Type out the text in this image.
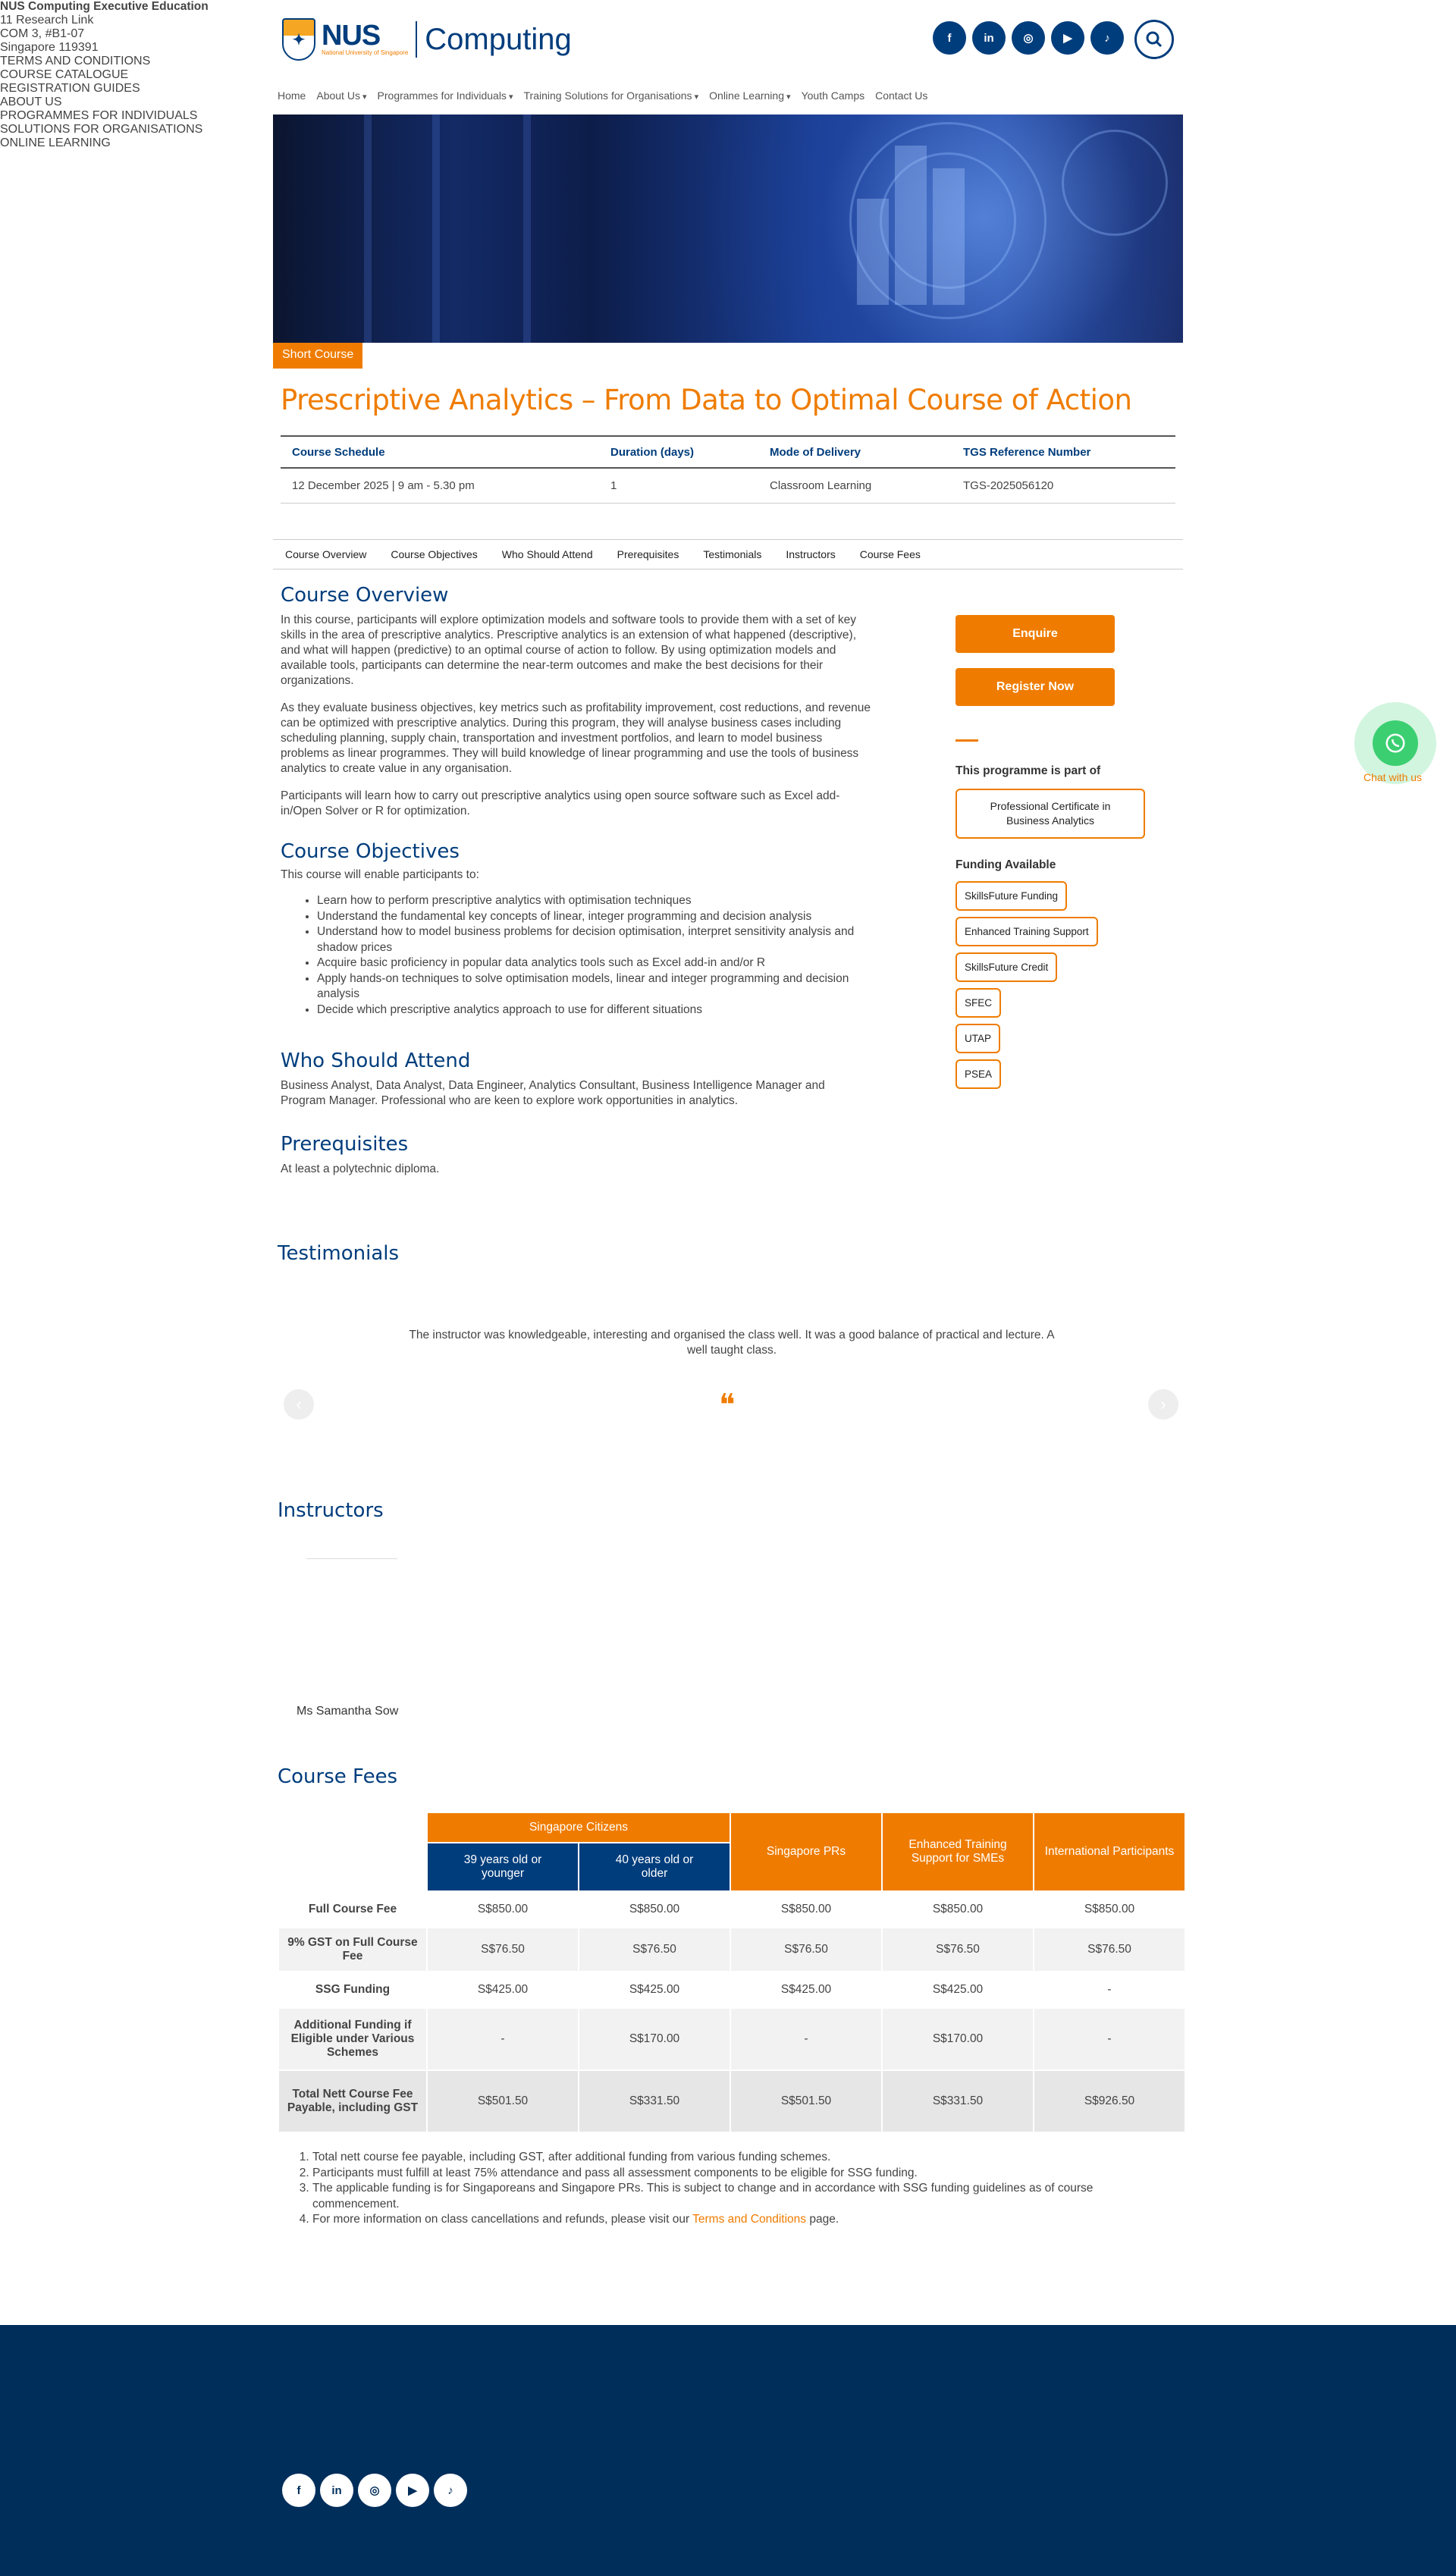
✦ NUS
National University of Singapore Computing	f	in	◎	▶	♪
Home About Us ▾	Programmes for Individuals ▾	Training Solutions for Organisations ▾	Online Learning ▾	Youth Camps Contact Us
Short Course
Prescriptive Analytics – From Data to Optimal Course of Action
Course Schedule	Duration (days)	Mode of Delivery	TGS Reference Number
12 December 2025 | 9 am - 5.30 pm	1	Classroom Learning	TGS-2025056120
Course Overview	Course Objectives	Who Should Attend	Prerequisites	Testimonials	Instructors	Course Fees
Course Overview

In this course, participants will explore optimization models and software tools to provide them with a set of key skills in the area of prescriptive analytics. Prescriptive analytics is an extension of what happened (descriptive), and what will happen (predictive) to an optimal course of action to follow. By using optimization models and available tools, participants can determine the near-term outcomes and make the best decisions for their organizations.

As they evaluate business objectives, key metrics such as profitability improvement, cost reductions, and revenue can be optimized with prescriptive analytics. During this program, they will analyse business cases including scheduling planning, supply chain, transportation and investment portfolios, and learn to model business problems as linear programmes. They will build knowledge of linear programming and use the tools of business analytics to create value in any organisation.

Participants will learn how to carry out prescriptive analytics using open source software such as Excel add-in/Open Solver or R for optimization.

Course Objectives

This course will enable participants to:

• Learn how to perform prescriptive analytics with optimisation techniques
• Understand the fundamental key concepts of linear, integer programming and decision analysis
• Understand how to model business problems for decision optimisation, interpret sensitivity analysis and shadow prices
• Acquire basic proficiency in popular data analytics tools such as Excel add-in and/or R
• Apply hands-on techniques to solve optimisation models, linear and integer programming and decision analysis
• Decide which prescriptive analytics approach to use for different situations
Who Should Attend

Business Analyst, Data Analyst, Data Engineer, Analytics Consultant, Business Intelligence Manager and Program Manager. Professional who are keen to explore work opportunities in analytics.

Prerequisites

At least a polytechnic diploma.

Enquire
Register Now
This programme is part of
Professional Certificate in Business Analytics
Funding Available
SkillsFuture Funding
Enhanced Training Support
SkillsFuture Credit
SFEC
UTAP
PSEA
Chat with us
Testimonials

The instructor was knowledgeable, interesting and organised the class well. It was a good balance of practical and lecture. A well taught class.

❝
‹	›
Instructors
Ms Samantha Sow
Course Fees
	Singapore Citizens		Singapore PRs	Enhanced Training Support for SMEs	International Participants
	39 years old or younger	40 years old or older			
Full Course Fee	S$850.00	S$850.00	S$850.00	S$850.00	S$850.00
9% GST on Full Course Fee	S$76.50	S$76.50	S$76.50	S$76.50	S$76.50
SSG Funding	S$425.00	S$425.00	S$425.00	S$425.00	-
Additional Funding if Eligible under Various Schemes	-	S$170.00	-	S$170.00	-
Total Nett Course Fee Payable, including GST	S$501.50	S$331.50	S$501.50	S$331.50	S$926.50
1. Total nett course fee payable, including GST, after additional funding from various funding schemes.
2. Participants must fulfill at least 75% attendance and pass all assessment components to be eligible for SSG funding.
3. The applicable funding is for Singaporeans and Singapore PRs. This is subject to change and in accordance with SSG funding guidelines as of course commencement.
4. For more information on class cancellations and refunds, please visit our Terms and Conditions page.
NUS Computing Executive Education
11 Research Link
COM 3, #B1-07
Singapore 119391
TERMS AND CONDITIONS
COURSE CATALOGUE
REGISTRATION GUIDES
ABOUT US
PROGRAMMES FOR INDIVIDUALS
SOLUTIONS FOR ORGANISATIONS
ONLINE LEARNING
f	in	◎	▶	♪
